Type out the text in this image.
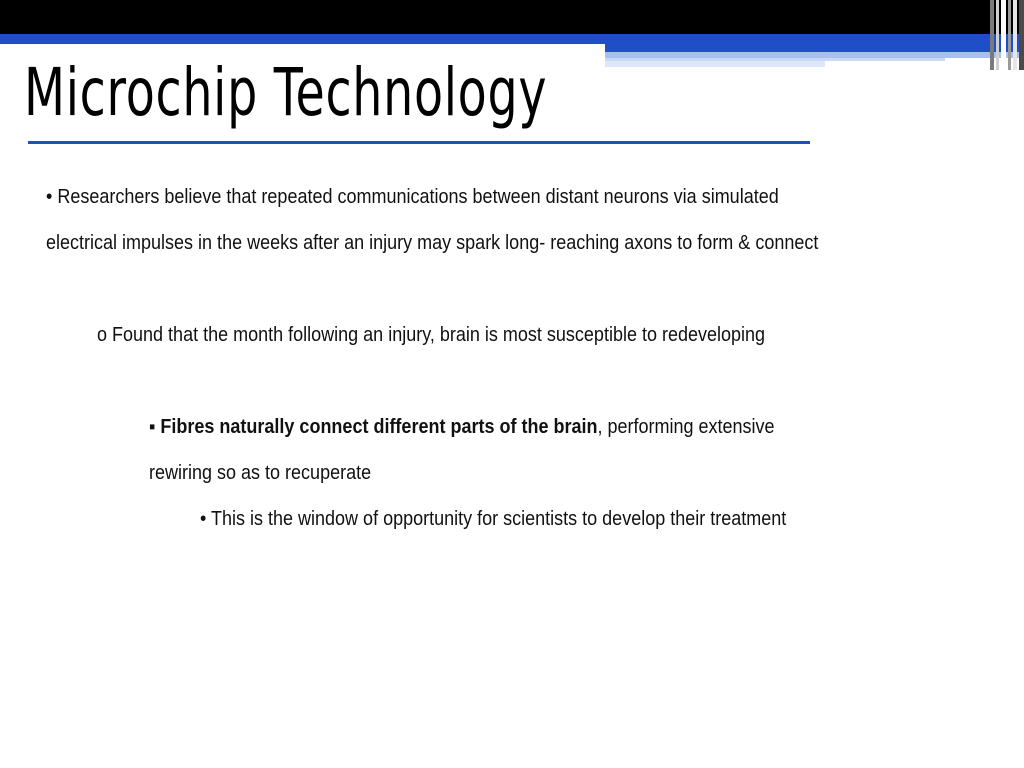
Microchip Technology
• Researchers believe that repeated communications between distant neurons via simulated electrical impulses in the weeks after an injury may spark long- reaching axons to form & connect
o Found that the month following an injury, brain is most susceptible to redeveloping
▪ Fibres naturally connect different parts of the brain, performing extensive rewiring so as to recuperate
• This is the window of opportunity for scientists to develop their treatment
